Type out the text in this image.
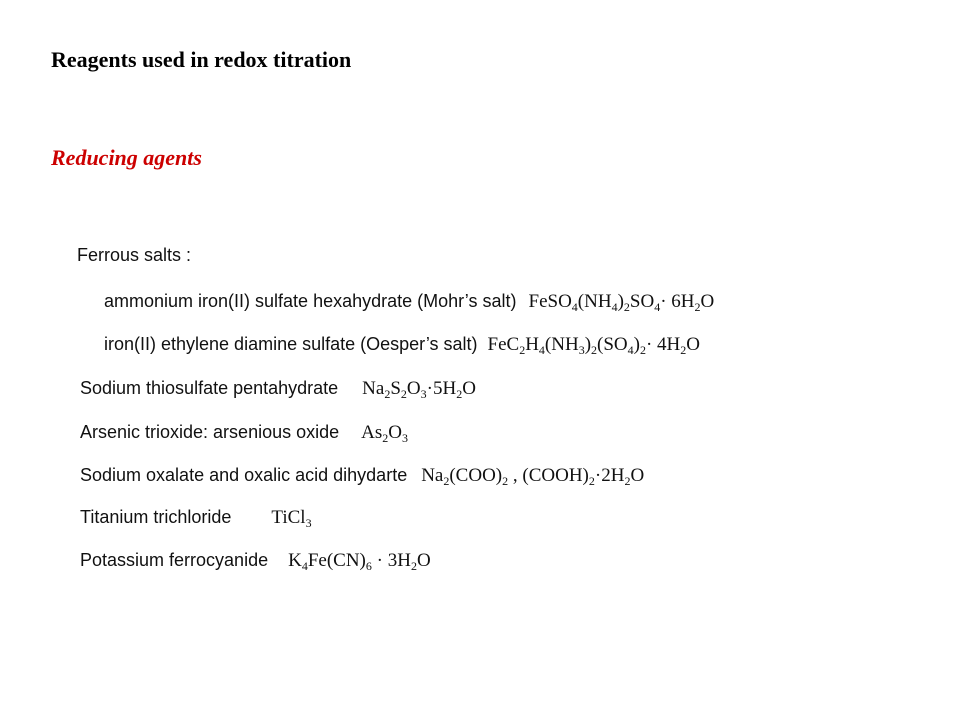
Reagents used in redox titration
Reducing agents
Ferrous salts :
ammonium iron(II) sulfate hexahydrate (Mohr’s salt) $FeSO_4(NH_4)_2SO_4\cdot 6H_2O$
iron(II) ethylene diamine sulfate (Oesper’s salt) $FeC_2H_4(NH_3)_2(SO_4)_2\cdot 4H_2O$
Sodium thiosulfate pentahydrate $Na_2S_2O_3\cdot 5H_2O$
Arsenic trioxide: arsenious oxide $As_2O_3$
Sodium oxalate and oxalic acid dihydarte $Na_2(COO)_2$ , $(COOH)_2\cdot 2H_2O$
Titanium trichloride TiCl$_3$
Potassium ferrocyanide $K_4Fe(CN)_6 \cdot 3H_2O$
